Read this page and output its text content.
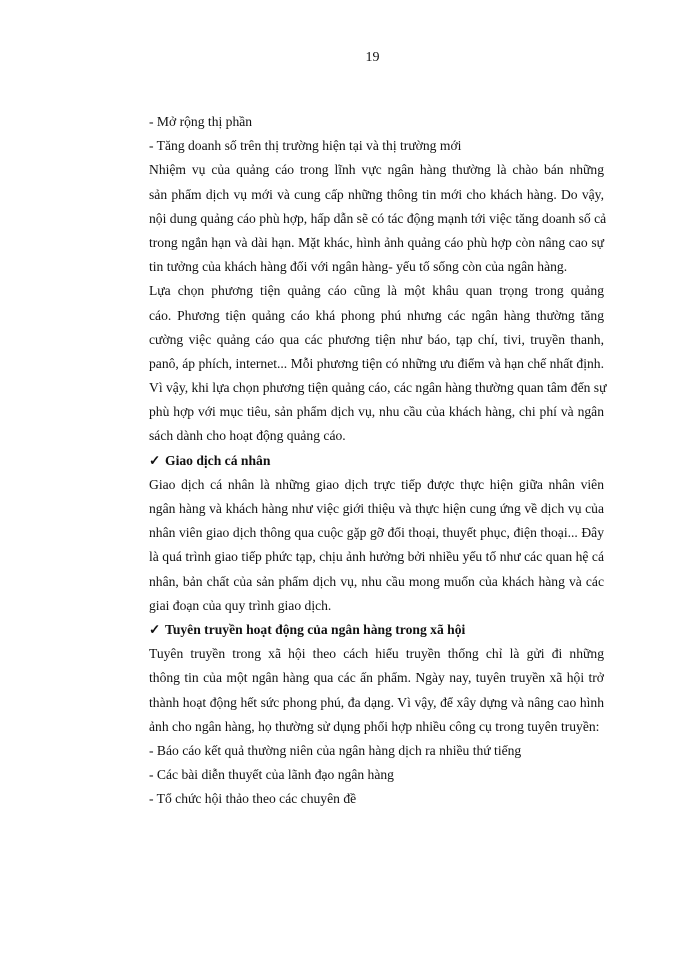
19
- Mở rộng thị phần
- Tăng doanh số trên thị trường hiện tại và thị trường mới
Nhiệm vụ của quảng cáo trong lĩnh vực ngân hàng thường là chào bán những
sản phẩm dịch vụ mới và cung cấp những thông tin mới cho khách hàng. Do vậy,
nội dung quảng cáo phù hợp, hấp dẫn sẽ có tác động mạnh tới việc tăng doanh số cả
trong ngắn hạn và dài hạn. Mặt khác, hình ảnh quảng cáo phù hợp còn nâng cao sự
tin tưởng của khách hàng đối với ngân hàng- yếu tố sống còn của ngân hàng.
Lựa chọn phương tiện quảng cáo cũng là một khâu quan trọng trong quảng
cáo. Phương tiện quảng cáo khá phong phú nhưng các ngân hàng thường tăng
cường việc quảng cáo qua các phương tiện như báo, tạp chí, tivi, truyền thanh,
panô, áp phích, internet... Mỗi phương tiện có những ưu điểm và hạn chế nhất định.
Vì vậy, khi lựa chọn phương tiện quảng cáo, các ngân hàng thường quan tâm đến sự
phù hợp với mục tiêu, sản phẩm dịch vụ, nhu cầu của khách hàng, chi phí và ngân
sách dành cho hoạt động quảng cáo.
✓ Giao dịch cá nhân
Giao dịch cá nhân là những giao dịch trực tiếp được thực hiện giữa nhân viên
ngân hàng và khách hàng như việc giới thiệu và thực hiện cung ứng về dịch vụ của
nhân viên giao dịch thông qua cuộc gặp gỡ đối thoại, thuyết phục, điện thoại... Đây
là quá trình giao tiếp phức tạp, chịu ảnh hưởng bởi nhiều yếu tố như các quan hệ cá
nhân, bản chất của sản phẩm dịch vụ, nhu cầu mong muốn của khách hàng và các
giai đoạn của quy trình giao dịch.
✓ Tuyên truyền hoạt động của ngân hàng trong xã hội
Tuyên truyền trong xã hội theo cách hiểu truyền thống chỉ là gửi đi những
thông tin của một ngân hàng qua các ấn phẩm. Ngày nay, tuyên truyền xã hội trở
thành hoạt động hết sức phong phú, đa dạng. Vì vậy, để xây dựng và nâng cao hình
ảnh cho ngân hàng, họ thường sử dụng phối hợp nhiều công cụ trong tuyên truyền:
- Báo cáo kết quả thường niên của ngân hàng dịch ra nhiều thứ tiếng
- Các bài diễn thuyết của lãnh đạo ngân hàng
- Tổ chức hội thảo theo các chuyên đề
